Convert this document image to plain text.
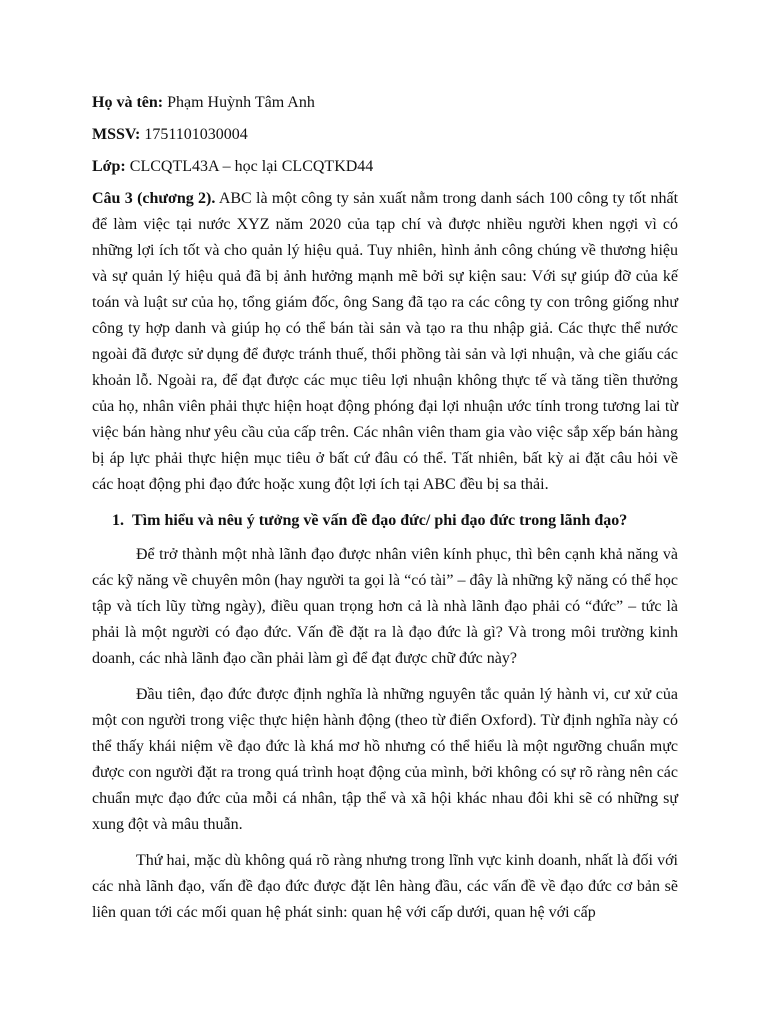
Họ và tên: Phạm Huỳnh Tâm Anh

MSSV: 1751101030004

Lớp: CLCQTL43A – học lại CLCQTKD44

Câu 3 (chương 2). ABC là một công ty sản xuất nằm trong danh sách 100 công ty tốt nhất để làm việc tại nước XYZ năm 2020 của tạp chí và được nhiều người khen ngợi vì có những lợi ích tốt và cho quản lý hiệu quả. Tuy nhiên, hình ảnh công chúng về thương hiệu và sự quản lý hiệu quả đã bị ảnh hưởng mạnh mẽ bởi sự kiện sau: Với sự giúp đỡ của kế toán và luật sư của họ, tổng giám đốc, ông Sang đã tạo ra các công ty con trông giống như công ty hợp danh và giúp họ có thể bán tài sản và tạo ra thu nhập giả. Các thực thể nước ngoài đã được sử dụng để được tránh thuế, thổi phồng tài sản và lợi nhuận, và che giấu các khoản lỗ. Ngoài ra, để đạt được các mục tiêu lợi nhuận không thực tế và tăng tiền thưởng của họ, nhân viên phải thực hiện hoạt động phóng đại lợi nhuận ước tính trong tương lai từ việc bán hàng như yêu cầu của cấp trên. Các nhân viên tham gia vào việc sắp xếp bán hàng bị áp lực phải thực hiện mục tiêu ở bất cứ đâu có thể. Tất nhiên, bất kỳ ai đặt câu hỏi về các hoạt động phi đạo đức hoặc xung đột lợi ích tại ABC đều bị sa thải.

1. Tìm hiểu và nêu ý tưởng về vấn đề đạo đức/ phi đạo đức trong lãnh đạo?

Để trở thành một nhà lãnh đạo được nhân viên kính phục, thì bên cạnh khả năng và các kỹ năng về chuyên môn (hay người ta gọi là “có tài” – đây là những kỹ năng có thể học tập và tích lũy từng ngày), điều quan trọng hơn cả là nhà lãnh đạo phải có “đức” – tức là phải là một người có đạo đức. Vấn đề đặt ra là đạo đức là gì? Và trong môi trường kinh doanh, các nhà lãnh đạo cần phải làm gì để đạt được chữ đức này?

Đầu tiên, đạo đức được định nghĩa là những nguyên tắc quản lý hành vi, cư xử của một con người trong việc thực hiện hành động (theo từ điển Oxford). Từ định nghĩa này có thể thấy khái niệm về đạo đức là khá mơ hồ nhưng có thể hiểu là một ngưỡng chuẩn mực được con người đặt ra trong quá trình hoạt động của mình, bởi không có sự rõ ràng nên các chuẩn mực đạo đức của mỗi cá nhân, tập thể và xã hội khác nhau đôi khi sẽ có những sự xung đột và mâu thuẫn.

Thứ hai, mặc dù không quá rõ ràng nhưng trong lĩnh vực kinh doanh, nhất là đối với các nhà lãnh đạo, vấn đề đạo đức được đặt lên hàng đầu, các vấn đề về đạo đức cơ bản sẽ liên quan tới các mối quan hệ phát sinh: quan hệ với cấp dưới, quan hệ với cấp
